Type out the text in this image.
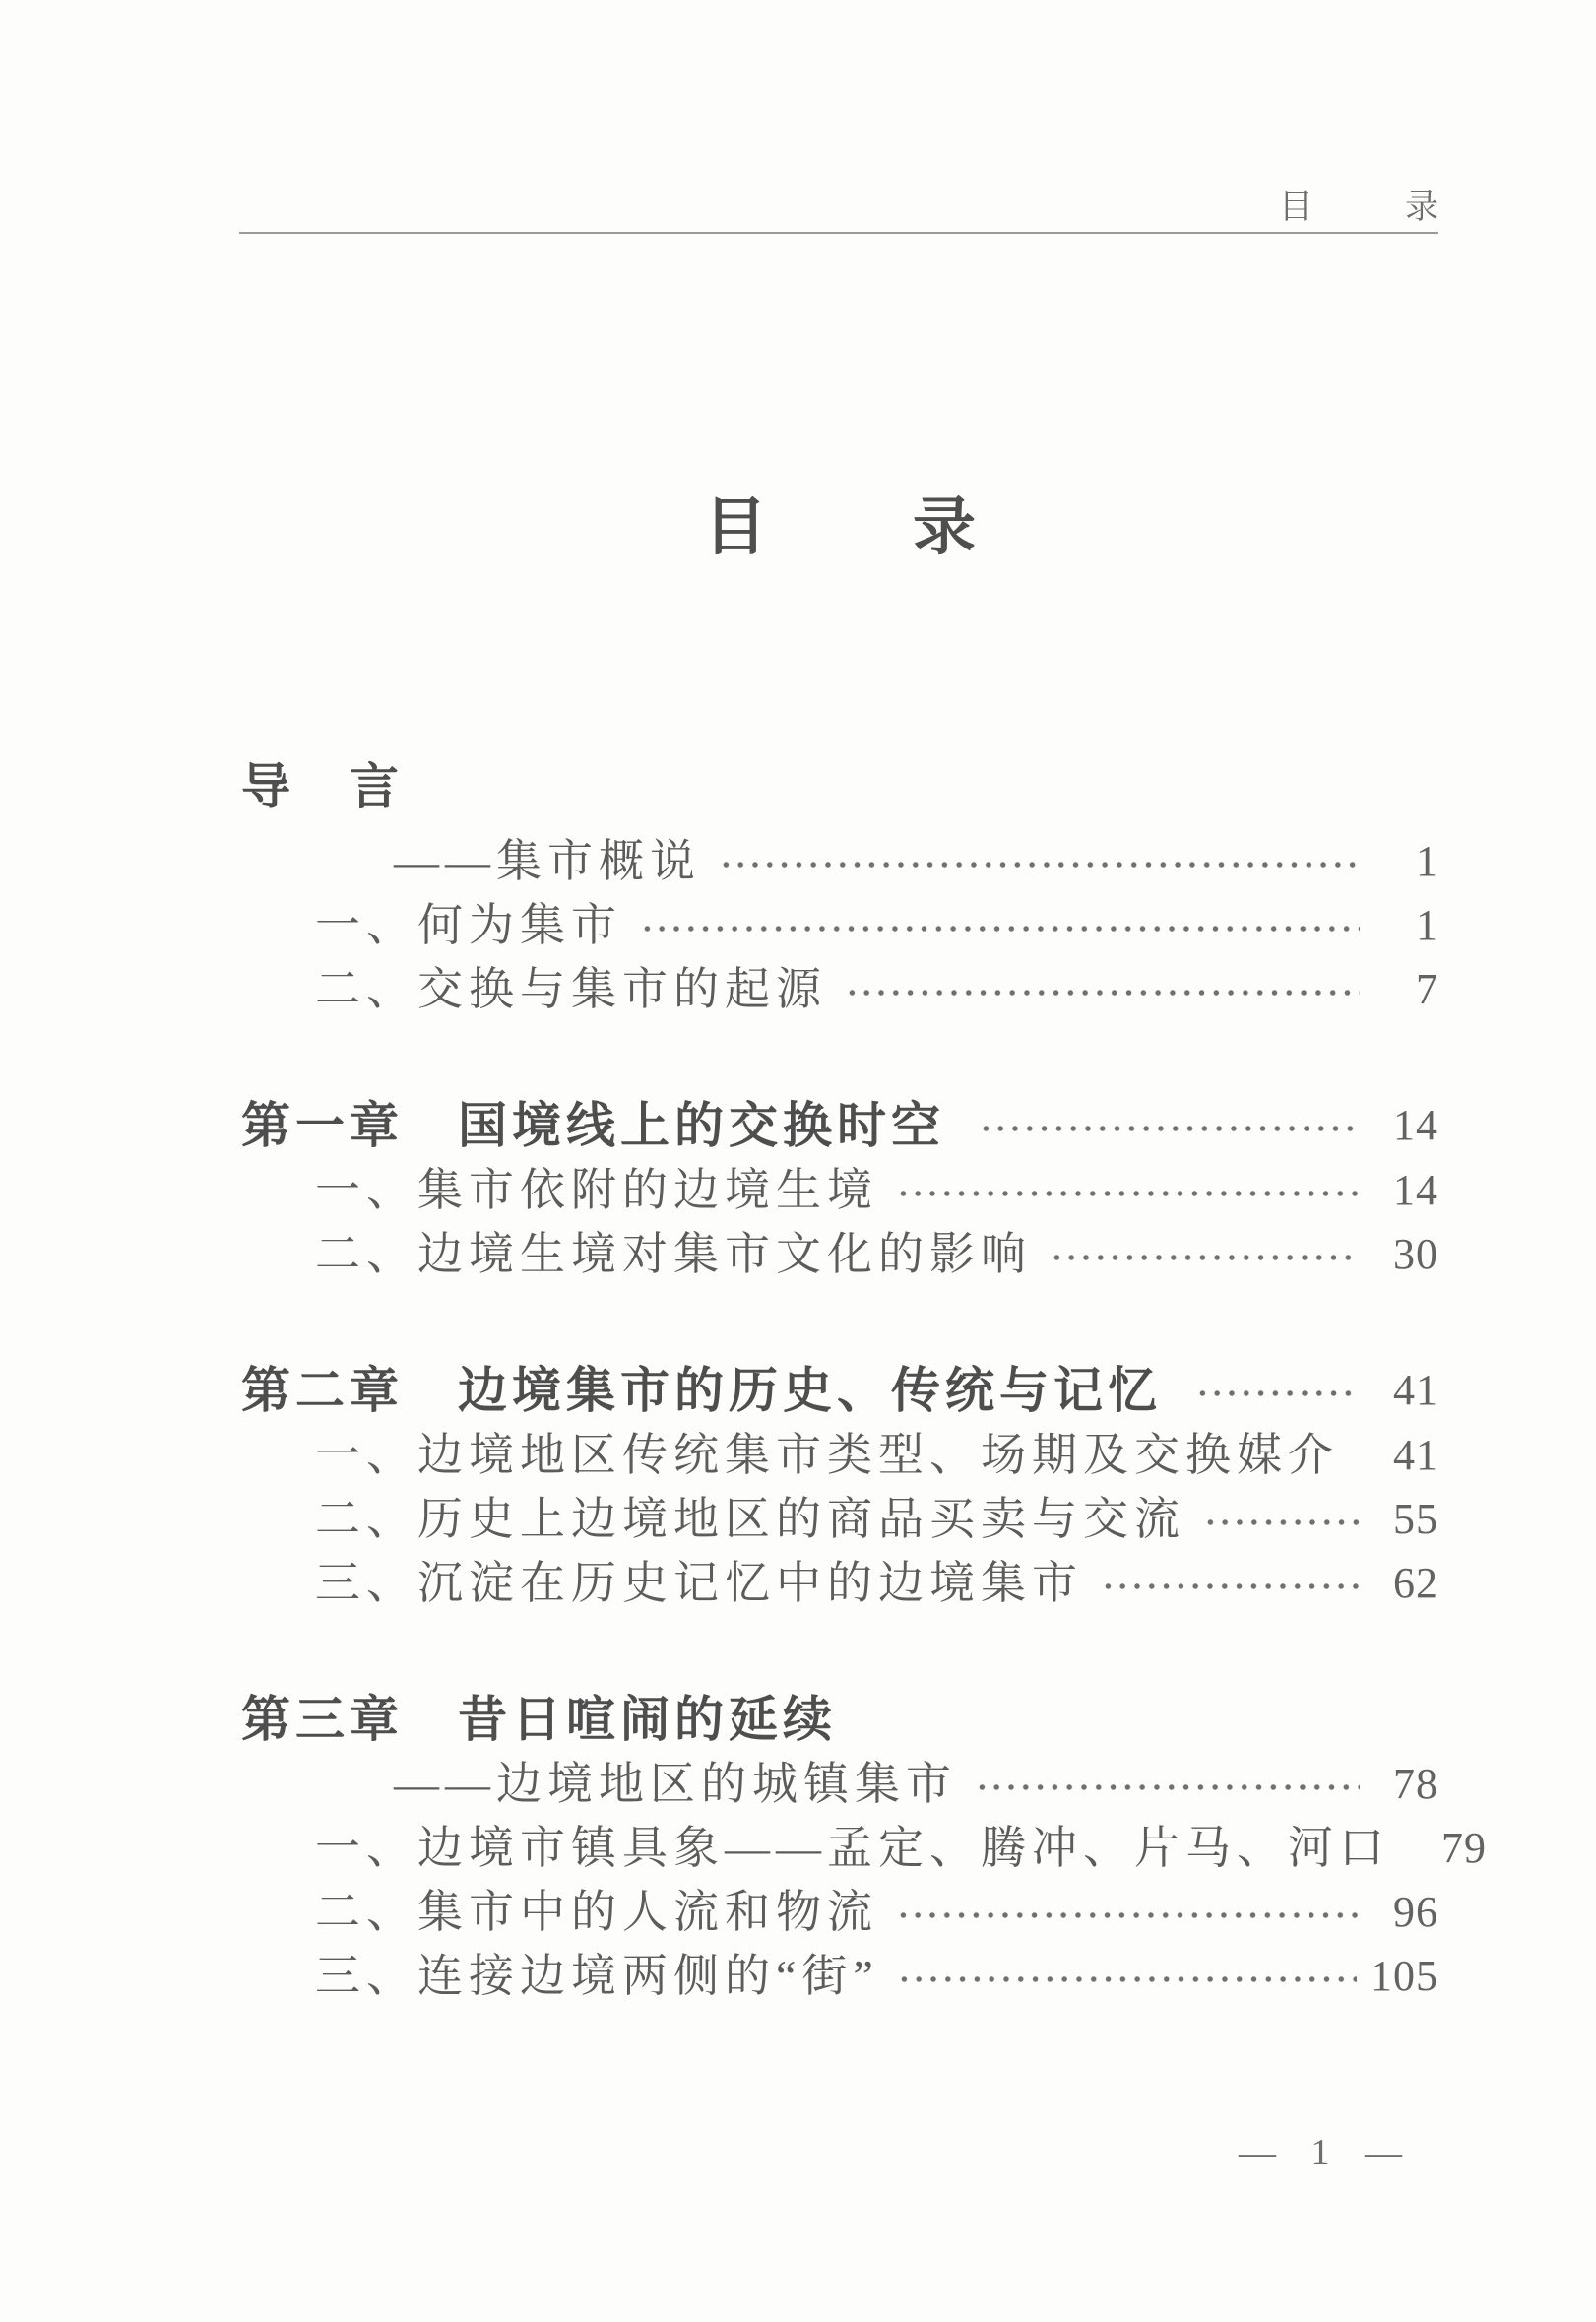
目　录
目　录
导　言
——集市概说	1
一、何为集市	1
二、交换与集市的起源	7
第一章　国境线上的交换时空	14
一、集市依附的边境生境	14
二、边境生境对集市文化的影响	30
第二章　边境集市的历史、传统与记忆	41
一、边境地区传统集市类型、场期及交换媒介	41
二、历史上边境地区的商品买卖与交流	55
三、沉淀在历史记忆中的边境集市	62
第三章　昔日喧闹的延续
——边境地区的城镇集市	78
一、边境市镇具象——孟定、腾冲、片马、河口	79
二、集市中的人流和物流	96
三、连接边境两侧的“街”	105
— 1 —
